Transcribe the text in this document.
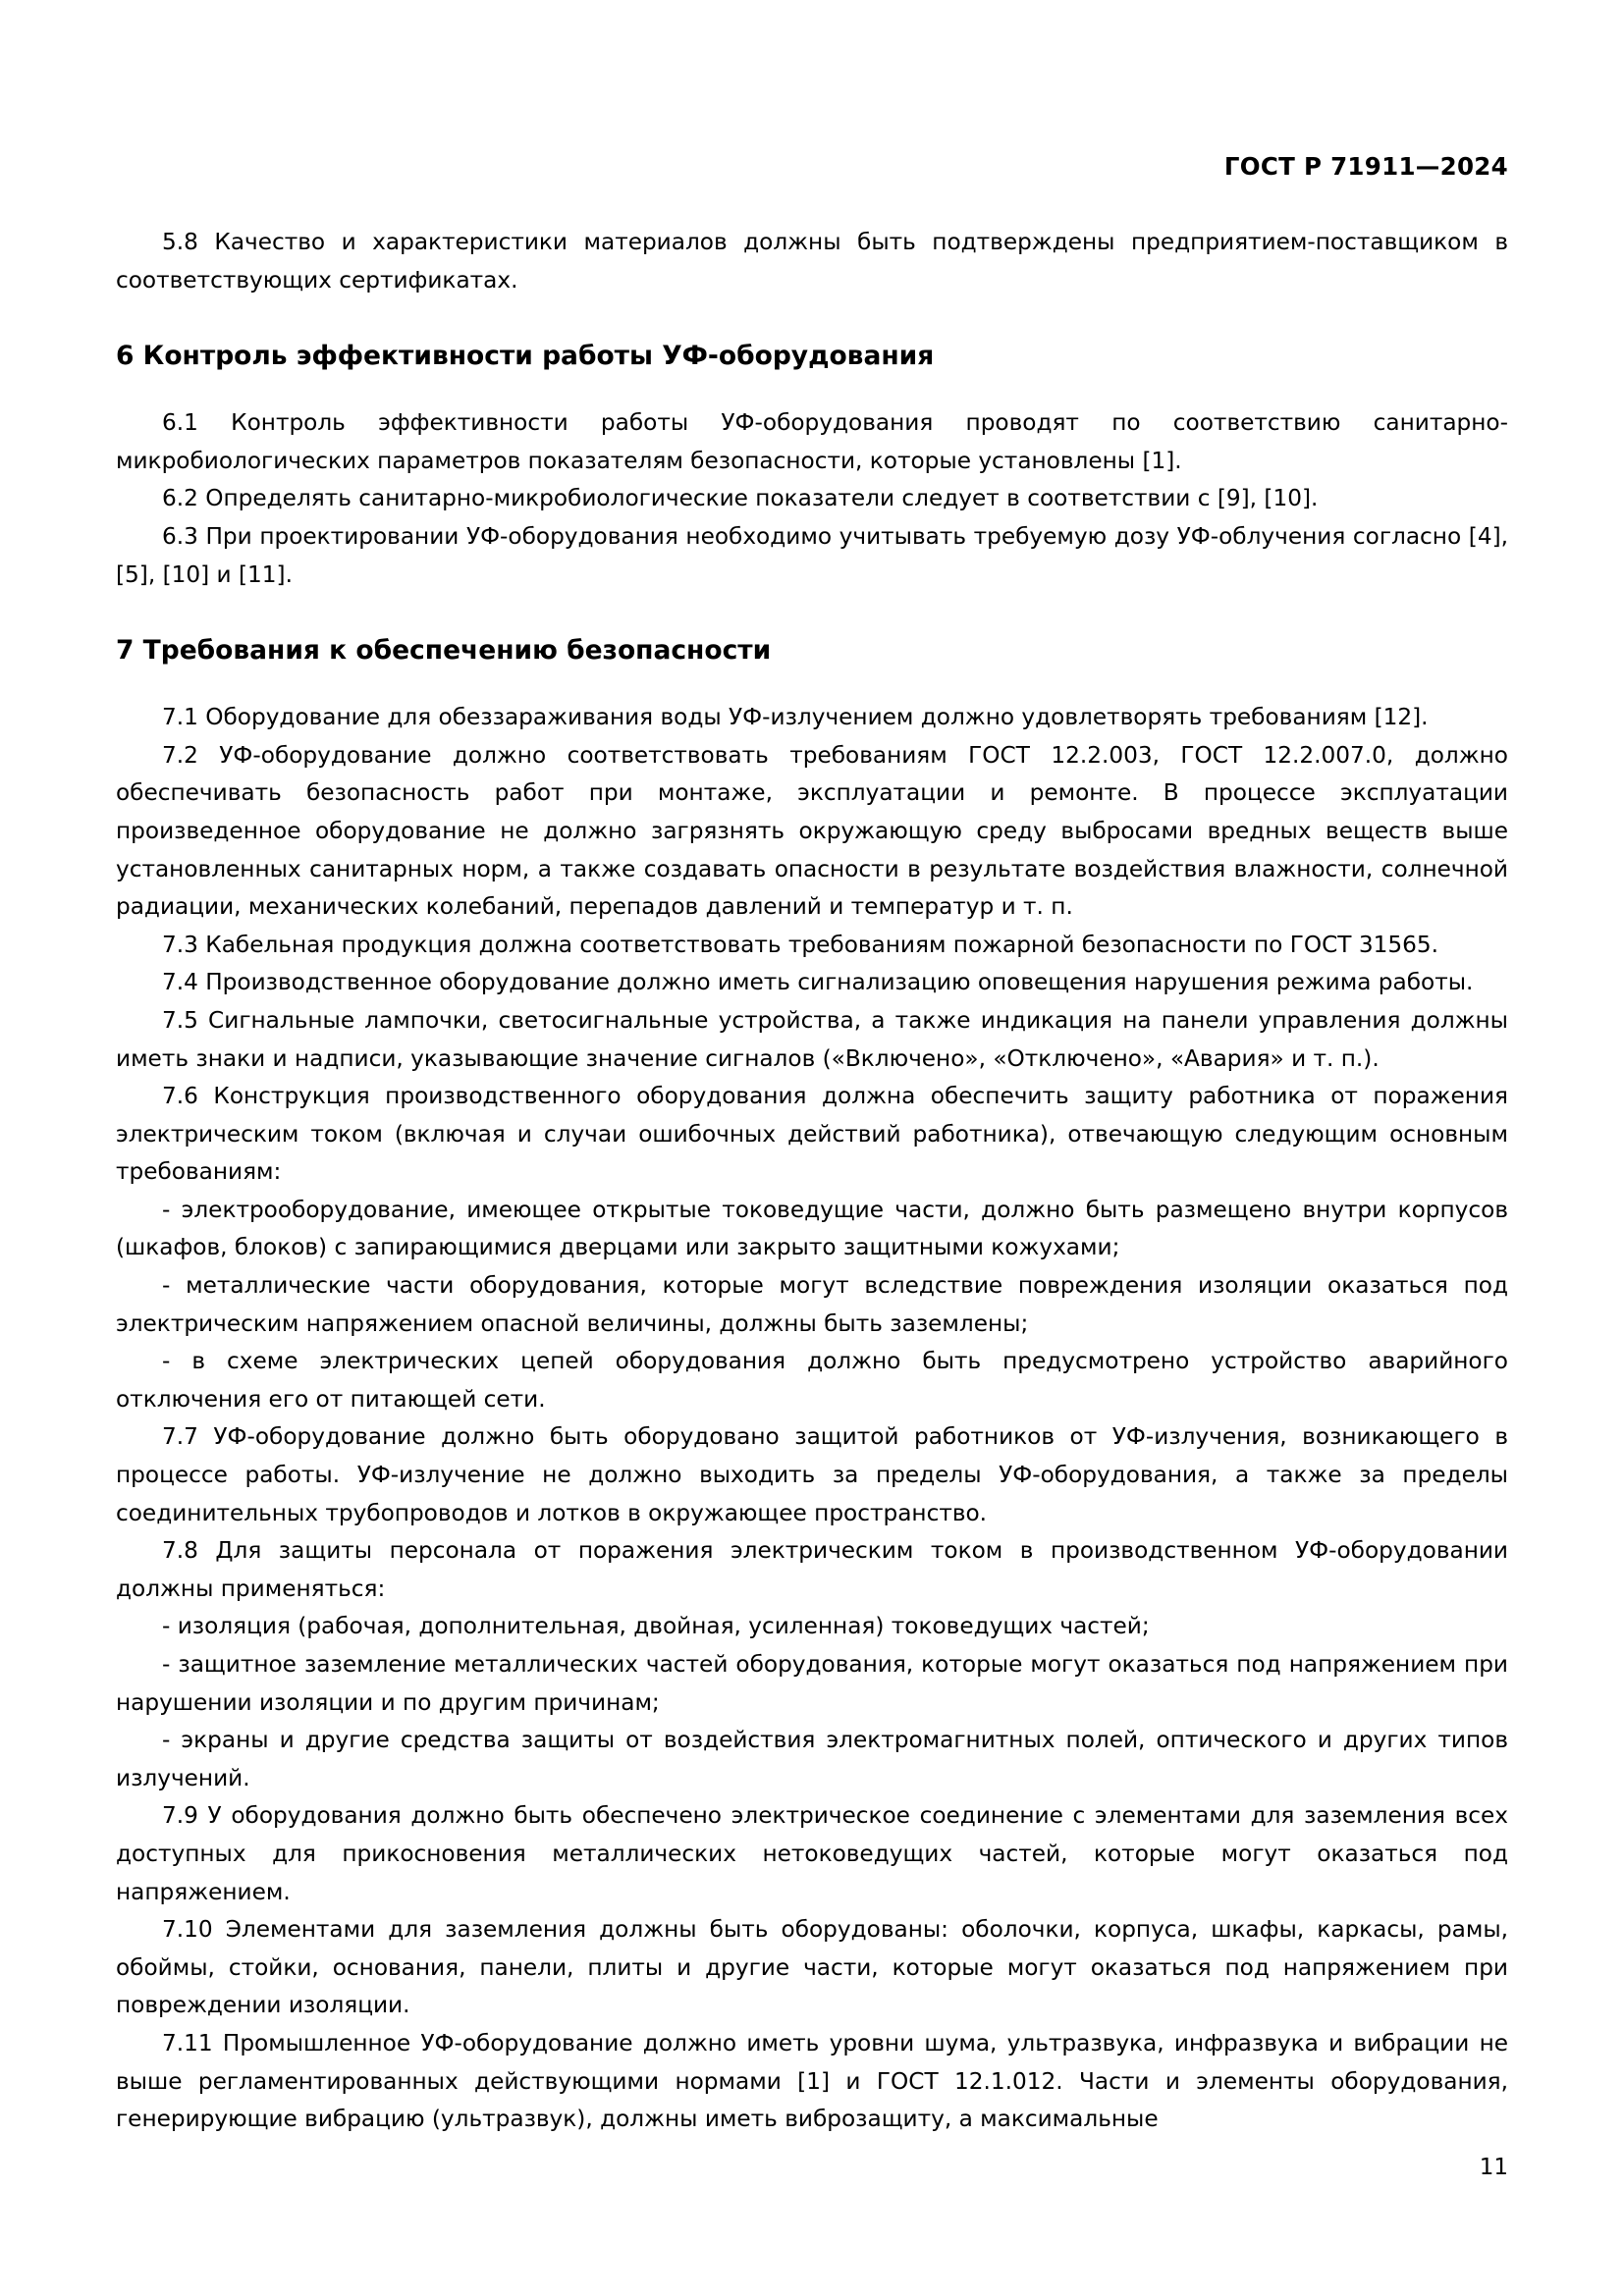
ГОСТ Р 71911—2024

5.8 Качество и характеристики материалов должны быть подтверждены предприятием-поставщиком в соответствующих сертификатах.

6 Контроль эффективности работы УФ-оборудования

6.1 Контроль эффективности работы УФ-оборудования проводят по соответствию санитарно-микробиологических параметров показателям безопасности, которые установлены [1].

6.2 Определять санитарно-микробиологические показатели следует в соответствии с [9], [10].

6.3 При проектировании УФ-оборудования необходимо учитывать требуемую дозу УФ-облучения согласно [4], [5], [10] и [11].

7 Требования к обеспечению безопасности

7.1 Оборудование для обеззараживания воды УФ-излучением должно удовлетворять требованиям [12].

7.2 УФ-оборудование должно соответствовать требованиям ГОСТ 12.2.003, ГОСТ 12.2.007.0, должно обеспечивать безопасность работ при монтаже, эксплуатации и ремонте. В процессе эксплуатации произведенное оборудование не должно загрязнять окружающую среду выбросами вредных веществ выше установленных санитарных норм, а также создавать опасности в результате воздействия влажности, солнечной радиации, механических колебаний, перепадов давлений и температур и т. п.

7.3 Кабельная продукция должна соответствовать требованиям пожарной безопасности по ГОСТ 31565.

7.4 Производственное оборудование должно иметь сигнализацию оповещения нарушения режима работы.

7.5 Сигнальные лампочки, светосигнальные устройства, а также индикация на панели управления должны иметь знаки и надписи, указывающие значение сигналов («Включено», «Отключено», «Авария» и т. п.).

7.6 Конструкция производственного оборудования должна обеспечить защиту работника от поражения электрическим током (включая и случаи ошибочных действий работника), отвечающую следующим основным требованиям:

- электрооборудование, имеющее открытые токоведущие части, должно быть размещено внутри корпусов (шкафов, блоков) с запирающимися дверцами или закрыто защитными кожухами;

- металлические части оборудования, которые могут вследствие повреждения изоляции оказаться под электрическим напряжением опасной величины, должны быть заземлены;

- в схеме электрических цепей оборудования должно быть предусмотрено устройство аварийного отключения его от питающей сети.

7.7 УФ-оборудование должно быть оборудовано защитой работников от УФ-излучения, возникающего в процессе работы. УФ-излучение не должно выходить за пределы УФ-оборудования, а также за пределы соединительных трубопроводов и лотков в окружающее пространство.

7.8 Для защиты персонала от поражения электрическим током в производственном УФ-оборудовании должны применяться:

- изоляция (рабочая, дополнительная, двойная, усиленная) токоведущих частей;

- защитное заземление металлических частей оборудования, которые могут оказаться под напряжением при нарушении изоляции и по другим причинам;

- экраны и другие средства защиты от воздействия электромагнитных полей, оптического и других типов излучений.

7.9 У оборудования должно быть обеспечено электрическое соединение с элементами для заземления всех доступных для прикосновения металлических нетоковедущих частей, которые могут оказаться под напряжением.

7.10 Элементами для заземления должны быть оборудованы: оболочки, корпуса, шкафы, каркасы, рамы, обоймы, стойки, основания, панели, плиты и другие части, которые могут оказаться под напряжением при повреждении изоляции.

7.11 Промышленное УФ-оборудование должно иметь уровни шума, ультразвука, инфразвука и вибрации не выше регламентированных действующими нормами [1] и ГОСТ 12.1.012. Части и элементы оборудования, генерирующие вибрацию (ультразвук), должны иметь виброзащиту, а максимальные

11
